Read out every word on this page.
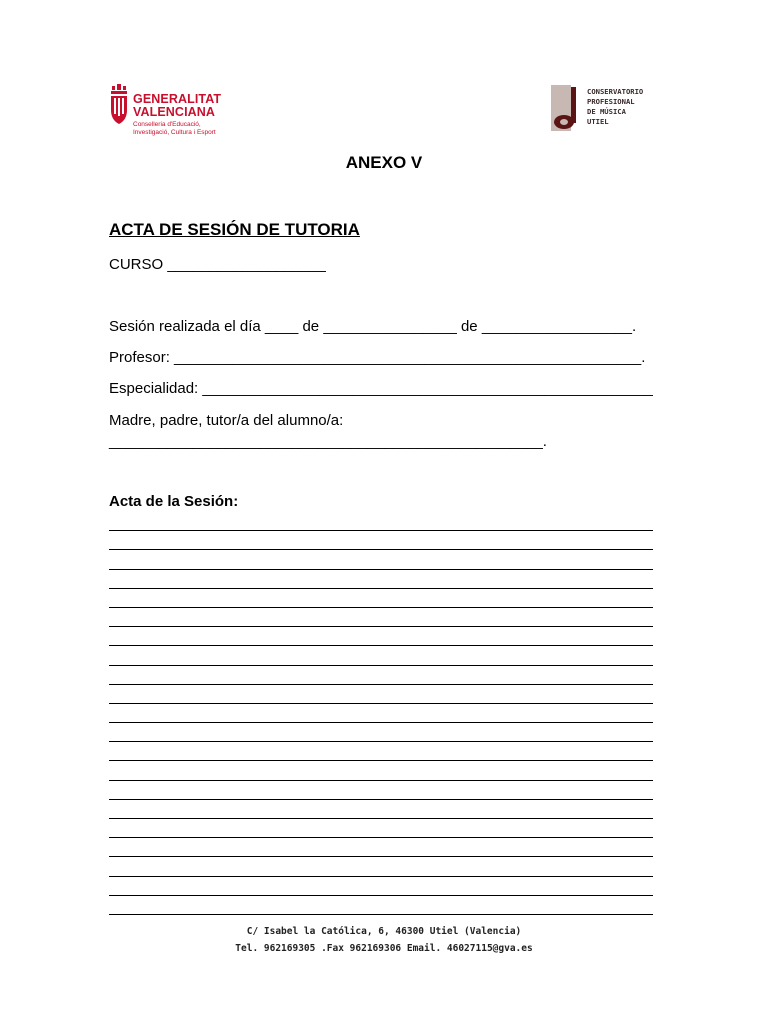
GENERALITAT
VALENCIANA
Conselleria d'Educació,
Investigació, Cultura i Esport
CONSERVATORIO
PROFESIONAL
DE MÚSICA
UTIEL
ANEXO V
ACTA DE SESIÓN DE TUTORIA
CURSO ___________________
Sesión realizada el día ____ de ________________ de __________________.
Profesor: ________________________________________________________.
Especialidad: ______________________________________________________
Madre, padre, tutor/a del alumno/a:
____________________________________________________.
Acta de la Sesión:
C/ Isabel la Católica, 6, 46300 Utiel (Valencia)
Tel. 962169305 .Fax 962169306 Email. 46027115@gva.es
